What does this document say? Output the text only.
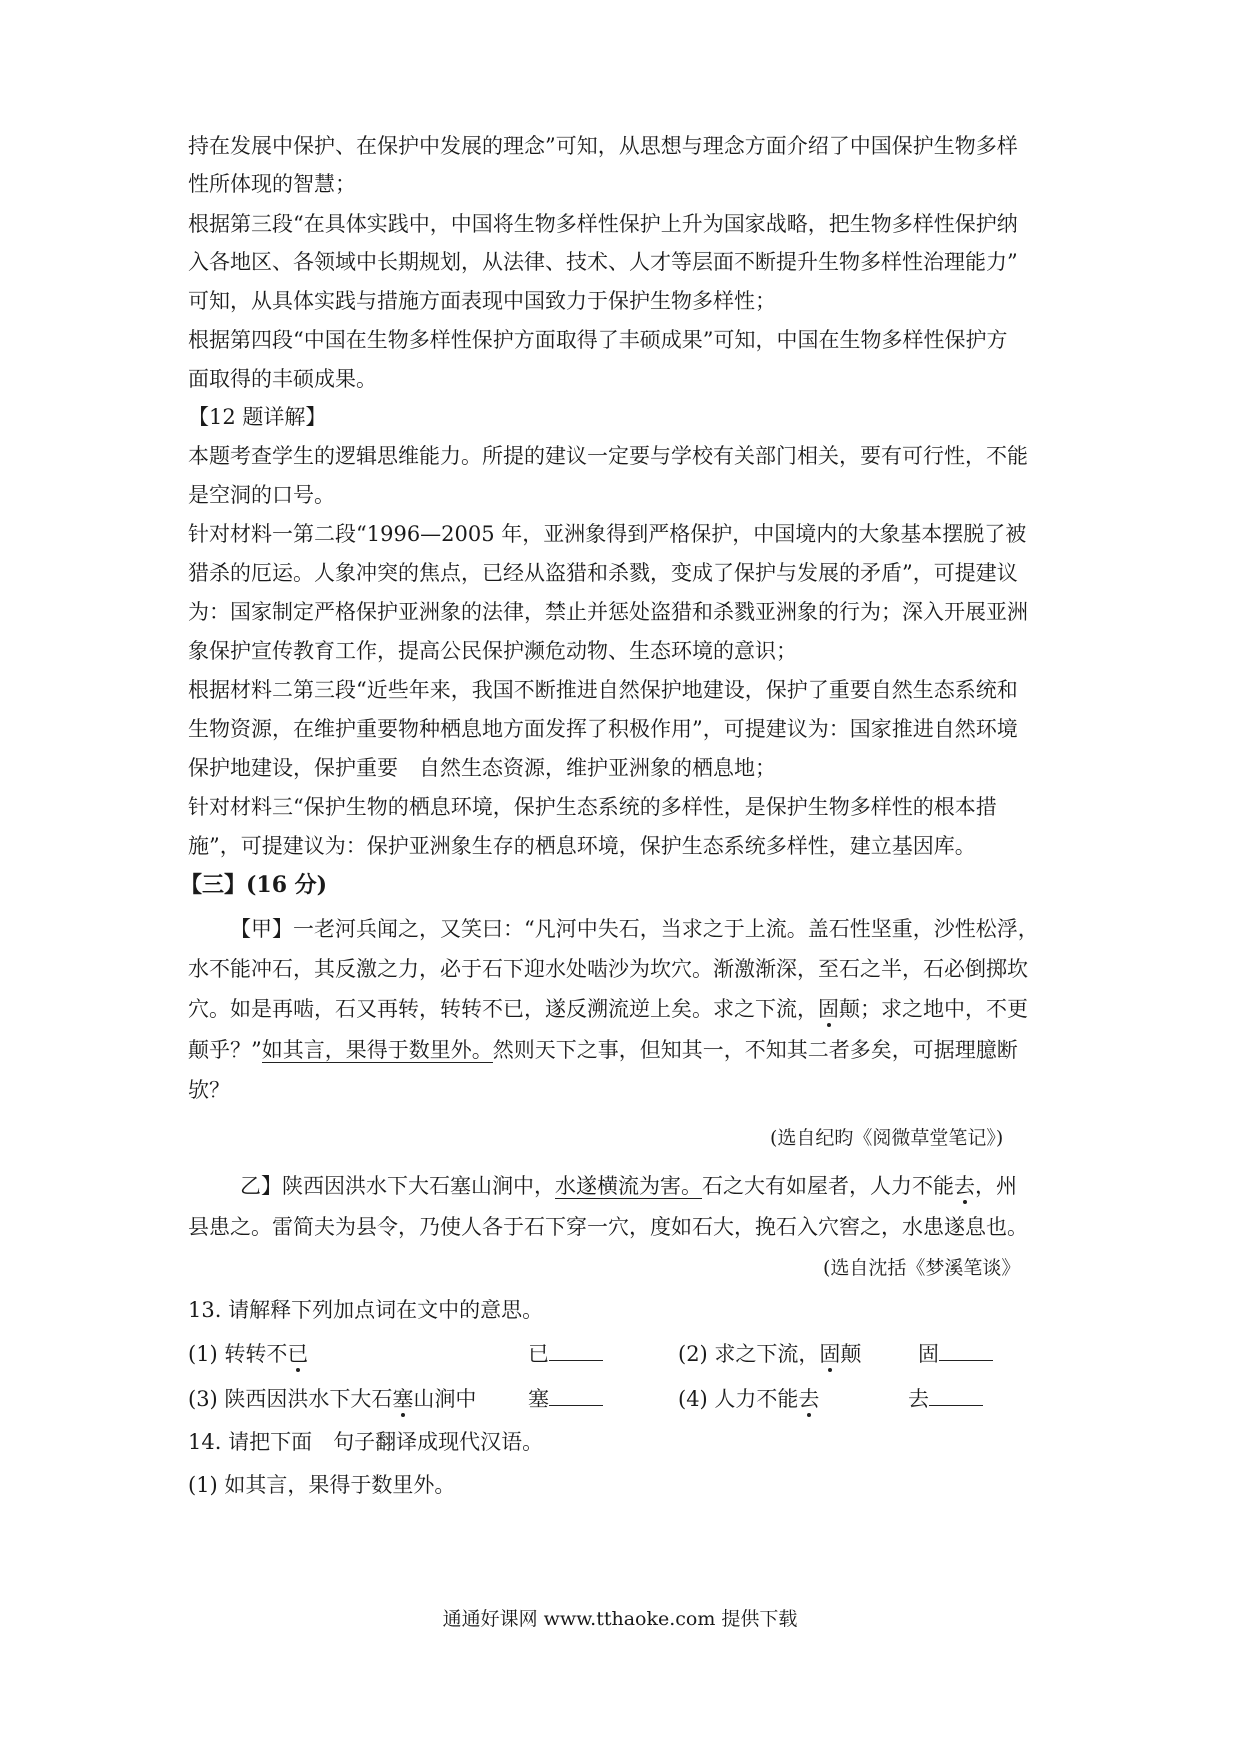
持在发展中保护、在保护中发展的理念”可知，从思想与理念方面介绍了中国保护生物多样
性所体现的智慧；
根据第三段“在具体实践中，中国将生物多样性保护上升为国家战略，把生物多样性保护纳
入各地区、各领域中长期规划，从法律、技术、人才等层面不断提升生物多样性治理能力”
可知，从具体实践与措施方面表现中国致力于保护生物多样性；
根据第四段“中国在生物多样性保护方面取得了丰硕成果”可知，中国在生物多样性保护方
面取得的丰硕成果。
【12 题详解】
本题考查学生的逻辑思维能力。所提的建议一定要与学校有关部门相关，要有可行性，不能
是空洞的口号。
针对材料一第二段“1996—2005 年，亚洲象得到严格保护，中国境内的大象基本摆脱了被
猎杀的厄运。人象冲突的焦点，已经从盗猎和杀戮，变成了保护与发展的矛盾”，可提建议
为：国家制定严格保护亚洲象的法律，禁止并惩处盗猎和杀戮亚洲象的行为；深入开展亚洲
象保护宣传教育工作，提高公民保护濒危动物、生态环境的意识；
根据材料二第三段“近些年来，我国不断推进自然保护地建设，保护了重要自然生态系统和
生物资源，在维护重要物种栖息地方面发挥了积极作用”，可提建议为：国家推进自然环境
保护地建设，保护重要　自然生态资源，维护亚洲象的栖息地；
针对材料三“保护生物的栖息环境，保护生态系统的多样性，是保护生物多样性的根本措
施”，可提建议为：保护亚洲象生存的栖息环境，保护生态系统多样性，建立基因库。
【三】(16 分)
【甲】一老河兵闻之，又笑曰：“凡河中失石，当求之于上流。盖石性坚重，沙性松浮，
水不能冲石，其反激之力，必于石下迎水处啮沙为坎穴。渐激渐深，至石之半，石必倒掷坎
穴。如是再啮，石又再转，转转不已，遂反溯流逆上矣。求之下流，固颠；求之地中，不更
颠乎？”如其言，果得于数里外。然则天下之事，但知其一，不知其二者多矣，可据理臆断
欤？
(选自纪昀《阅微草堂笔记》)
乙】陕西因洪水下大石塞山涧中，水遂横流为害。石之大有如屋者，人力不能去，州
县患之。雷简夫为县令，乃使人各于石下穿一穴，度如石大，挽石入穴窖之，水患遂息也。
(选自沈括《梦溪笔谈》
13. 请解释下列加点词在文中的意思。
(1) 转转不已	已	(2) 求之下流，固颠	固
(3) 陕西因洪水下大石塞山涧中 塞	(4) 人力不能去	去
14. 请把下面　句子翻译成现代汉语。
(1) 如其言，果得于数里外。
通通好课网 www.tthaoke.com 提供下载
